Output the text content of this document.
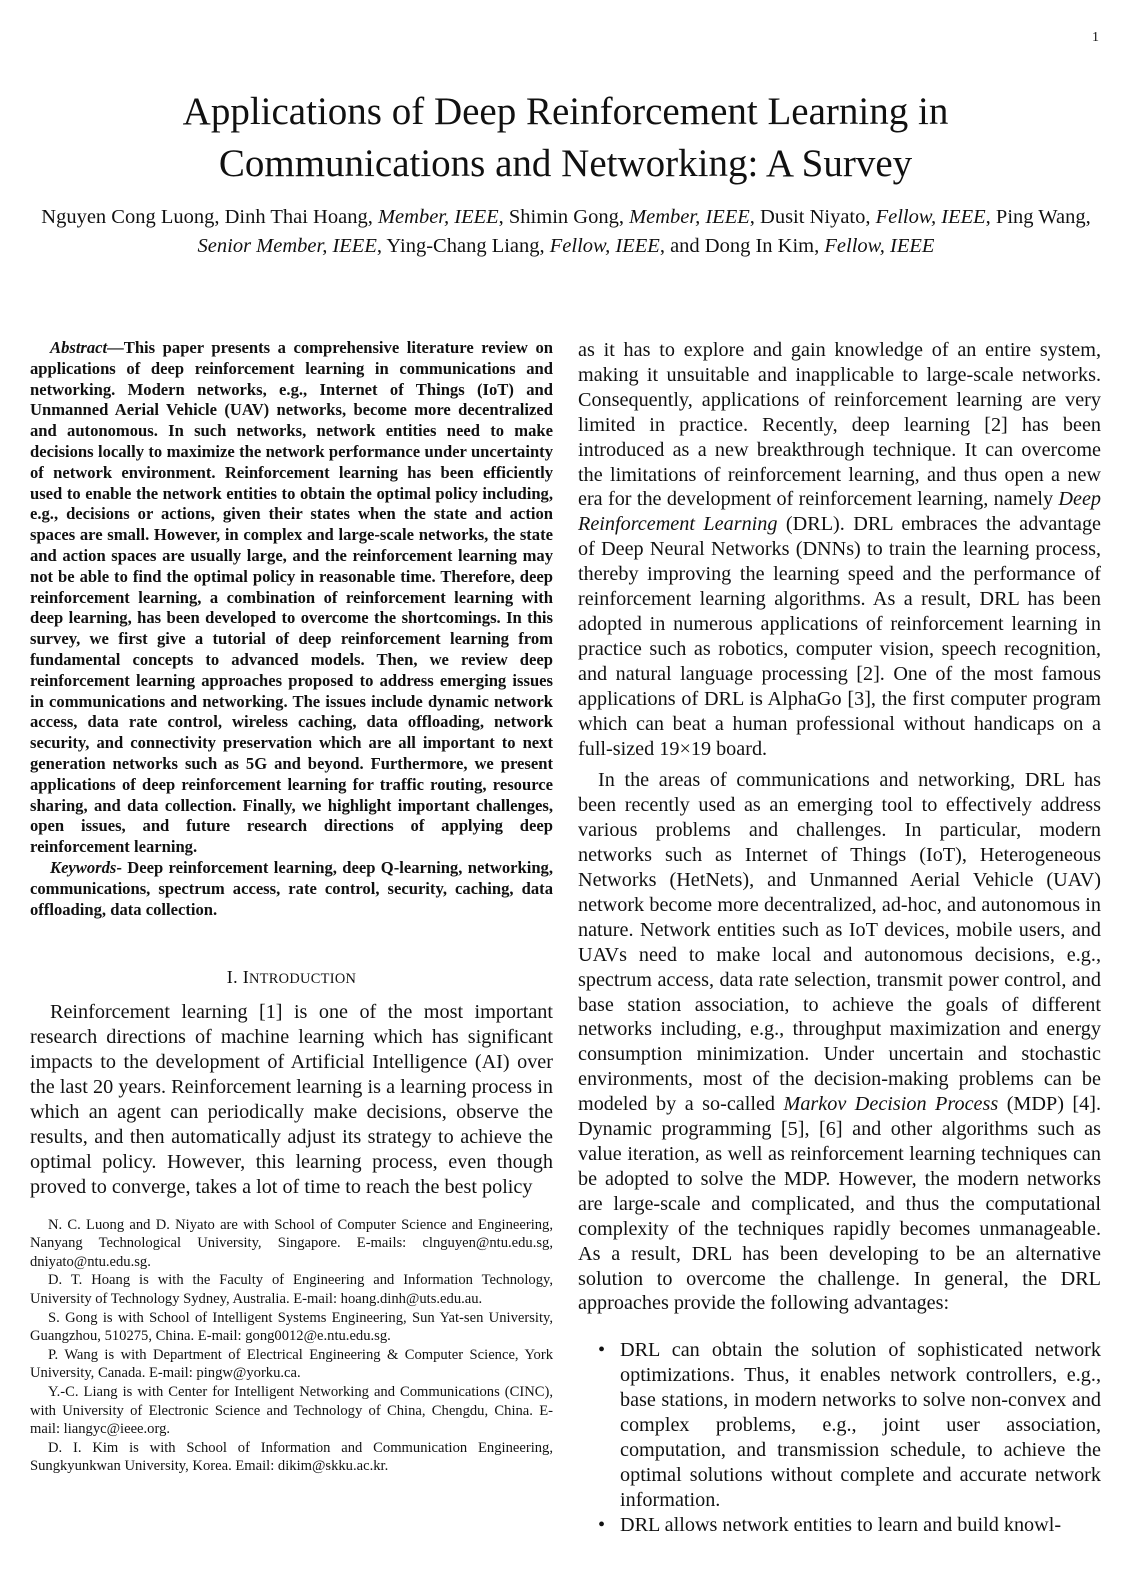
1
Applications of Deep Reinforcement Learning in Communications and Networking: A Survey
Nguyen Cong Luong, Dinh Thai Hoang, Member, IEEE, Shimin Gong, Member, IEEE, Dusit Niyato, Fellow, IEEE, Ping Wang, Senior Member, IEEE, Ying-Chang Liang, Fellow, IEEE, and Dong In Kim, Fellow, IEEE

Abstract—This paper presents a comprehensive literature review on applications of deep reinforcement learning in communications and networking. Modern networks, e.g., Internet of Things (IoT) and Unmanned Aerial Vehicle (UAV) networks, become more decentralized and autonomous. In such networks, network entities need to make decisions locally to maximize the network performance under uncertainty of network environment. Reinforcement learning has been efficiently used to enable the network entities to obtain the optimal policy including, e.g., decisions or actions, given their states when the state and action spaces are small. However, in complex and large-scale networks, the state and action spaces are usually large, and the reinforcement learning may not be able to find the optimal policy in reasonable time. Therefore, deep reinforcement learning, a combination of reinforcement learning with deep learning, has been developed to overcome the shortcomings. In this survey, we first give a tutorial of deep reinforcement learning from fundamental concepts to advanced models. Then, we review deep reinforcement learning approaches proposed to address emerging issues in communications and networking. The issues include dynamic network access, data rate control, wireless caching, data offloading, network security, and connectivity preservation which are all important to next generation networks such as 5G and beyond. Furthermore, we present applications of deep reinforcement learning for traffic routing, resource sharing, and data collection. Finally, we highlight important challenges, open issues, and future research directions of applying deep reinforcement learning.

Keywords- Deep reinforcement learning, deep Q-learning, networking, communications, spectrum access, rate control, security, caching, data offloading, data collection.

I. INTRODUCTION

Reinforcement learning [1] is one of the most important research directions of machine learning which has significant impacts to the development of Artificial Intelligence (AI) over the last 20 years. Reinforcement learning is a learning process in which an agent can periodically make decisions, observe the results, and then automatically adjust its strategy to achieve the optimal policy. However, this learning process, even though proved to converge, takes a lot of time to reach the best policy

N. C. Luong and D. Niyato are with School of Computer Science and Engineering, Nanyang Technological University, Singapore. E-mails: clnguyen@ntu.edu.sg, dniyato@ntu.edu.sg.

D. T. Hoang is with the Faculty of Engineering and Information Technology, University of Technology Sydney, Australia. E-mail: hoang.dinh@uts.edu.au.

S. Gong is with School of Intelligent Systems Engineering, Sun Yat-sen University, Guangzhou, 510275, China. E-mail: gong0012@e.ntu.edu.sg.

P. Wang is with Department of Electrical Engineering & Computer Science, York University, Canada. E-mail: pingw@yorku.ca.

Y.-C. Liang is with Center for Intelligent Networking and Communications (CINC), with University of Electronic Science and Technology of China, Chengdu, China. E-mail: liangyc@ieee.org.

D. I. Kim is with School of Information and Communication Engineering, Sungkyunkwan University, Korea. Email: dikim@skku.ac.kr.

as it has to explore and gain knowledge of an entire system, making it unsuitable and inapplicable to large-scale networks. Consequently, applications of reinforcement learning are very limited in practice. Recently, deep learning [2] has been introduced as a new breakthrough technique. It can overcome the limitations of reinforcement learning, and thus open a new era for the development of reinforcement learning, namely Deep Reinforcement Learning (DRL). DRL embraces the advantage of Deep Neural Networks (DNNs) to train the learning process, thereby improving the learning speed and the performance of reinforcement learning algorithms. As a result, DRL has been adopted in numerous applications of reinforcement learning in practice such as robotics, computer vision, speech recognition, and natural language processing [2]. One of the most famous applications of DRL is AlphaGo [3], the first computer program which can beat a human professional without handicaps on a full-sized 19×19 board.

In the areas of communications and networking, DRL has been recently used as an emerging tool to effectively address various problems and challenges. In particular, modern networks such as Internet of Things (IoT), Heterogeneous Networks (HetNets), and Unmanned Aerial Vehicle (UAV) network become more decentralized, ad-hoc, and autonomous in nature. Network entities such as IoT devices, mobile users, and UAVs need to make local and autonomous decisions, e.g., spectrum access, data rate selection, transmit power control, and base station association, to achieve the goals of different networks including, e.g., throughput maximization and energy consumption minimization. Under uncertain and stochastic environments, most of the decision-making problems can be modeled by a so-called Markov Decision Process (MDP) [4]. Dynamic programming [5], [6] and other algorithms such as value iteration, as well as reinforcement learning techniques can be adopted to solve the MDP. However, the modern networks are large-scale and complicated, and thus the computational complexity of the techniques rapidly becomes unmanageable. As a result, DRL has been developing to be an alternative solution to overcome the challenge. In general, the DRL approaches provide the following advantages:

• DRL can obtain the solution of sophisticated network optimizations. Thus, it enables network controllers, e.g., base stations, in modern networks to solve non-convex and complex problems, e.g., joint user association, computation, and transmission schedule, to achieve the optimal solutions without complete and accurate network information.
• DRL allows network entities to learn and build knowl-
